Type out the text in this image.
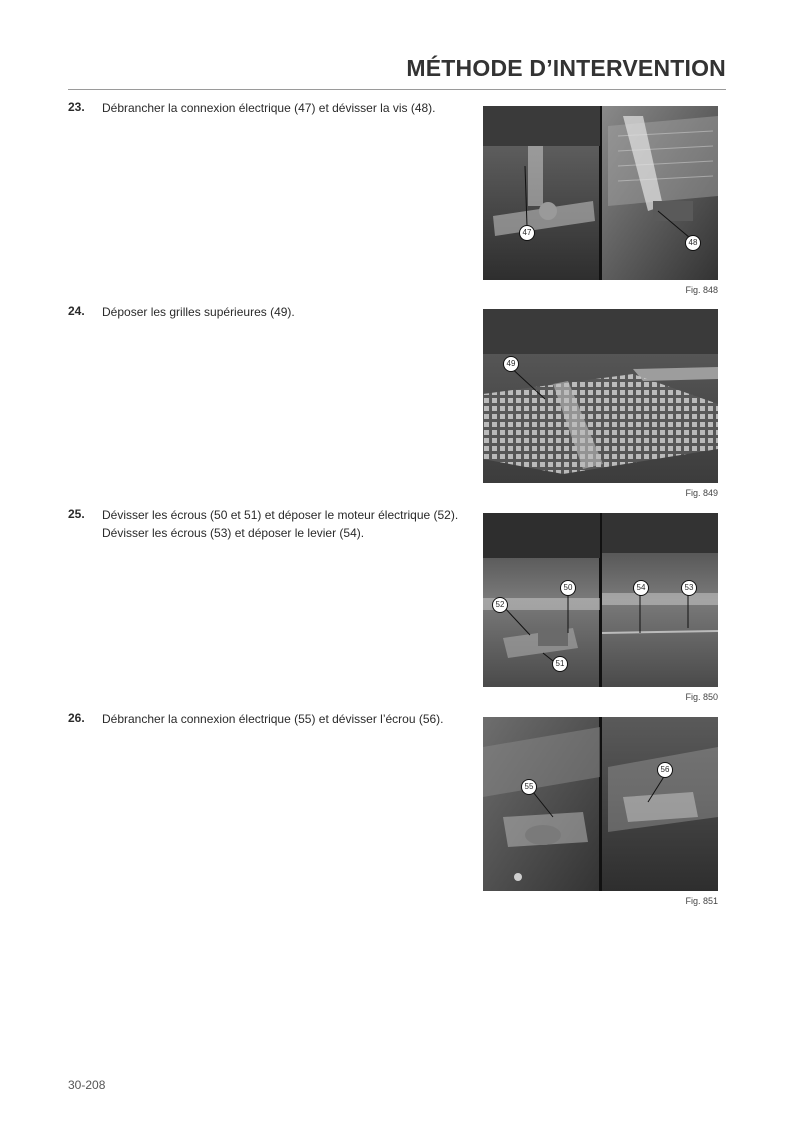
MÉTHODE D’INTERVENTION
23. Débrancher la connexion électrique (47) et dévisser la vis (48).
24. Déposer les grilles supérieures (49).
25. Dévisser les écrous (50 et 51) et déposer le moteur électrique (52).
Dévisser les écrous (53) et déposer le levier (54).
26. Débrancher la connexion électrique (55) et dévisser l’écrou (56).
47
48
Fig. 848
49
Fig. 849
52
50
51
54	53
Fig. 850
55
56
Fig. 851
30-208
